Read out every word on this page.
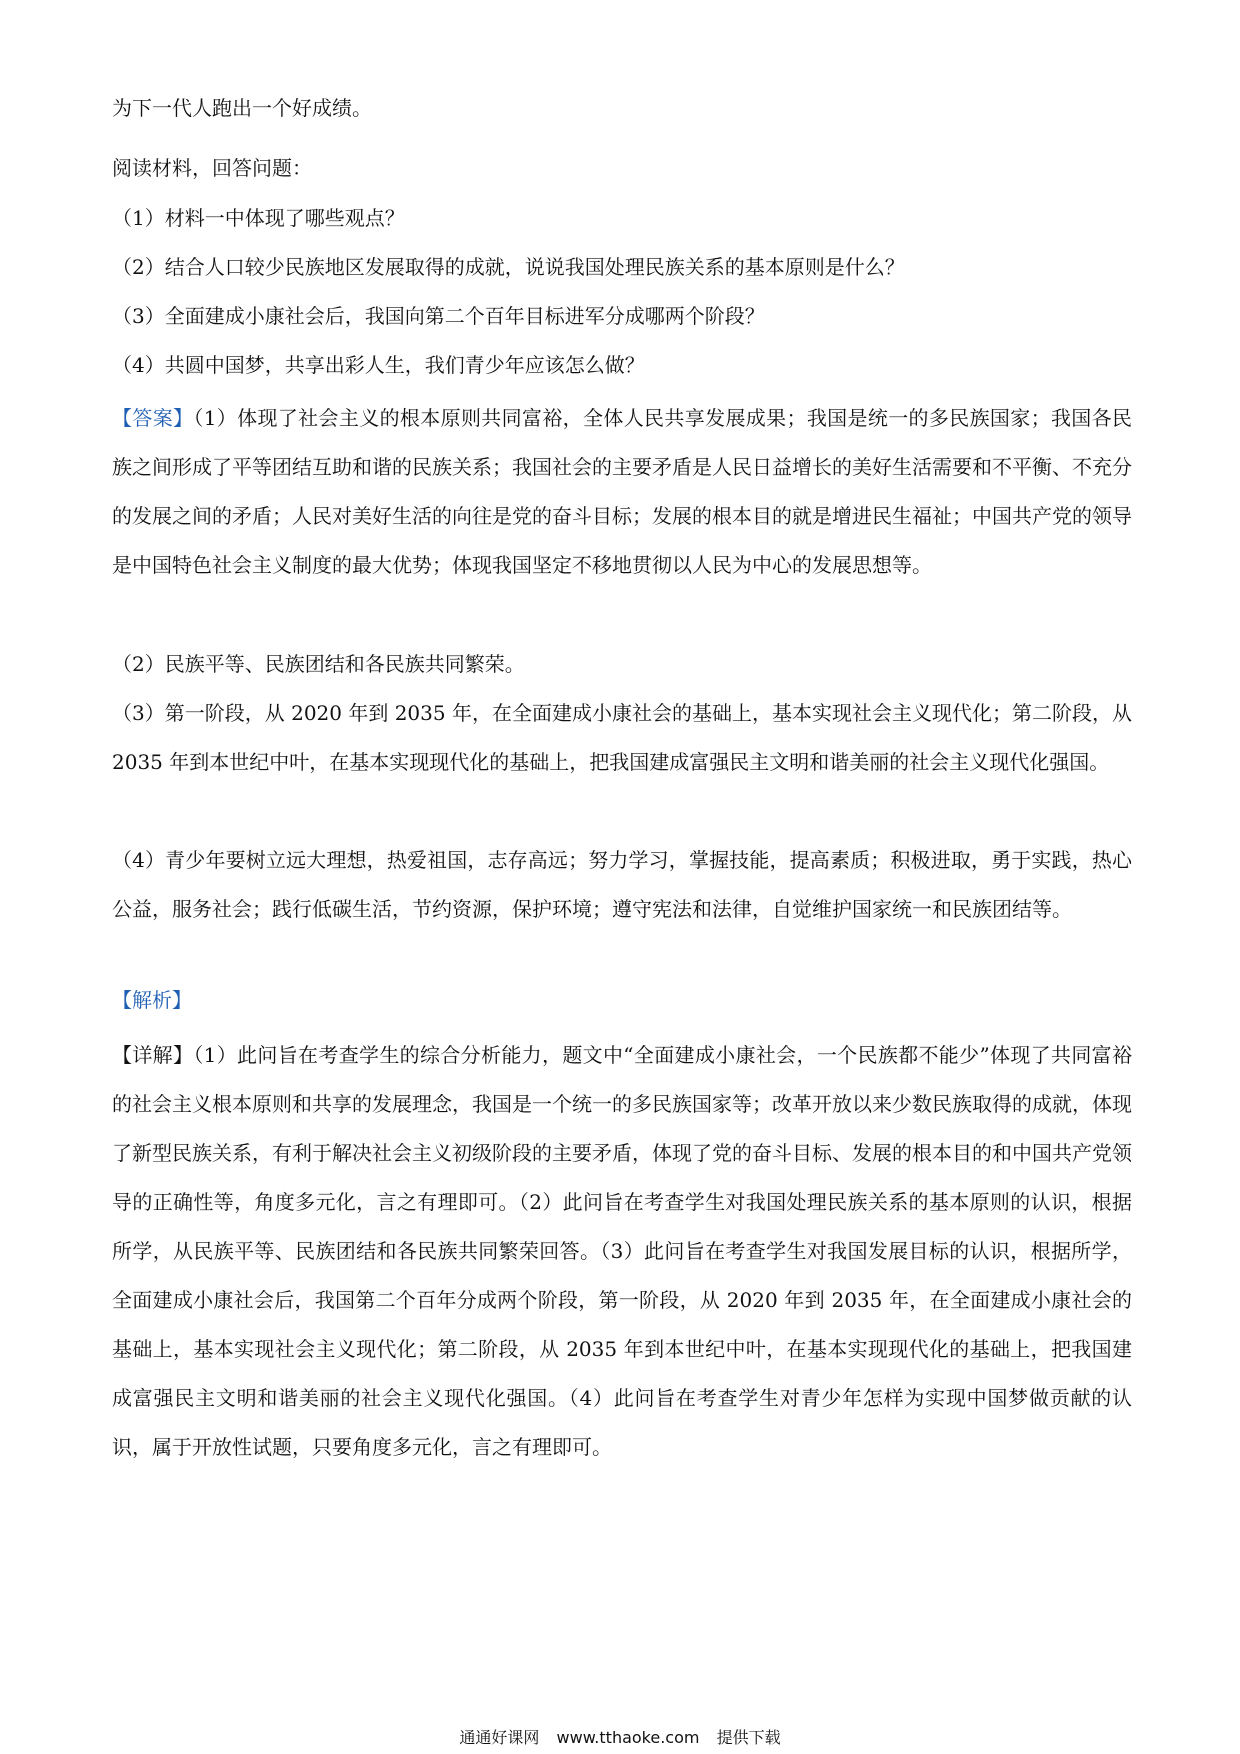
为下一代人跑出一个好成绩。
阅读材料，回答问题：
（1）材料一中体现了哪些观点？
（2）结合人口较少民族地区发展取得的成就，说说我国处理民族关系的基本原则是什么？
（3）全面建成小康社会后，我国向第二个百年目标进军分成哪两个阶段？
（4）共圆中国梦，共享出彩人生，我们青少年应该怎么做？
【答案】（1）体现了社会主义的根本原则共同富裕，全体人民共享发展成果；我国是统一的多民族国家；我国各民族之间形成了平等团结互助和谐的民族关系；我国社会的主要矛盾是人民日益增长的美好生活需要和不平衡、不充分的发展之间的矛盾；人民对美好生活的向往是党的奋斗目标；发展的根本目的就是增进民生福祉；中国共产党的领导是中国特色社会主义制度的最大优势；体现我国坚定不移地贯彻以人民为中心的发展思想等。
（2）民族平等、民族团结和各民族共同繁荣。
（3）第一阶段，从 2020 年到 2035 年，在全面建成小康社会的基础上，基本实现社会主义现代化；第二阶段，从 2035 年到本世纪中叶，在基本实现现代化的基础上，把我国建成富强民主文明和谐美丽的社会主义现代化强国。
（4）青少年要树立远大理想，热爱祖国，志存高远；努力学习，掌握技能，提高素质；积极进取，勇于实践，热心公益，服务社会；践行低碳生活，节约资源，保护环境；遵守宪法和法律，自觉维护国家统一和民族团结等。
【解析】
【详解】（1）此问旨在考查学生的综合分析能力，题文中“全面建成小康社会，一个民族都不能少”体现了共同富裕的社会主义根本原则和共享的发展理念，我国是一个统一的多民族国家等；改革开放以来少数民族取得的成就，体现了新型民族关系，有利于解决社会主义初级阶段的主要矛盾，体现了党的奋斗目标、发展的根本目的和中国共产党领导的正确性等，角度多元化，言之有理即可。（2）此问旨在考查学生对我国处理民族关系的基本原则的认识，根据所学，从民族平等、民族团结和各民族共同繁荣回答。（3）此问旨在考查学生对我国发展目标的认识，根据所学，全面建成小康社会后，我国第二个百年分成两个阶段，第一阶段，从 2020 年到 2035 年，在全面建成小康社会的基础上，基本实现社会主义现代化；第二阶段，从 2035 年到本世纪中叶，在基本实现现代化的基础上，把我国建成富强民主文明和谐美丽的社会主义现代化强国。（4）此问旨在考查学生对青少年怎样为实现中国梦做贡献的认识，属于开放性试题，只要角度多元化，言之有理即可。
通通好课网 www.tthaoke.com 提供下载
